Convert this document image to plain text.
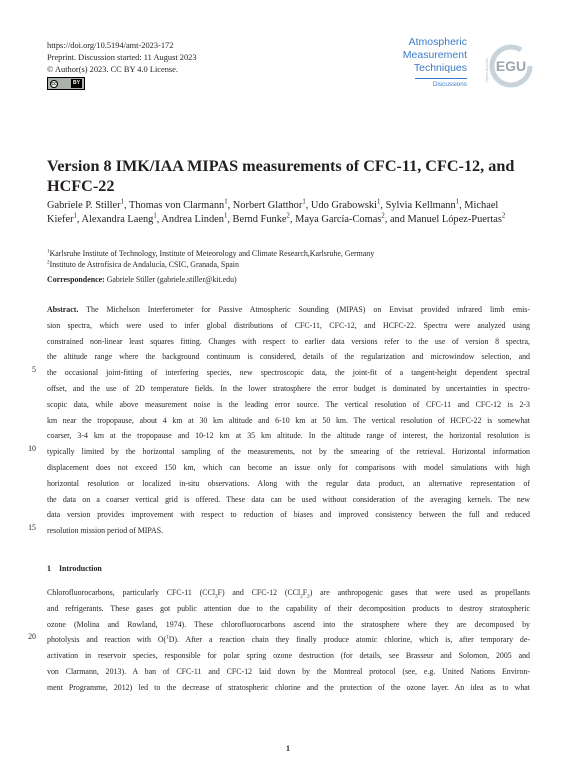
https://doi.org/10.5194/amt-2023-172
Preprint. Discussion started: 11 August 2023
© Author(s) 2023. CC BY 4.0 License.
cc	BY
Atmospheric
Measurement
Techniques
Discussions
EGU
Open Access
Version 8 IMK/IAA MIPAS measurements of CFC-11, CFC-12, and HCFC-22
Gabriele P. Stiller$^1$, Thomas von Clarmann$^1$, Norbert Glatthor$^1$, Udo Grabowski$^1$, Sylvia Kellmann$^1$, Michael Kiefer$^1$, Alexandra Laeng$^1$, Andrea Linden$^1$, Bernd Funke$^2$, Maya García-Comas$^2$, and Manuel López-Puertas$^2$
$^1$Karlsruhe Institute of Technology, Institute of Meteorology and Climate Research,Karlsruhe, Germany
$^2$Instituto de Astrofísica de Andalucía, CSIC, Granada, Spain
Correspondence: Gabriele Stiller (gabriele.stiller@kit.edu)
Abstract. The Michelson Interferometer for Passive Atmospheric Sounding (MIPAS) on Envisat provided infrared limb emis-
sion spectra, which were used to infer global distributions of CFC-11, CFC-12, and HCFC-22. Spectra were analyzed using
constrained non-linear least squares fitting. Changes with respect to earlier data versions refer to the use of version 8 spectra,
the altitude range where the background continuum is considered, details of the regularization and microwindow selection, and
the occasional joint-fitting of interfering species, new spectroscopic data, the joint-fit of a tangent-height dependent spectral
offset, and the use of 2D temperature fields. In the lower stratosphere the error budget is dominated by uncertainties in spectro-
scopic data, while above measurement noise is the leading error source. The vertical resolution of CFC-11 and CFC-12 is 2-3
km near the tropopause, about 4 km at 30 km altitude and 6-10 km at 50 km. The vertical resolution of HCFC-22 is somewhat
coarser, 3-4 km at the tropopause and 10-12 km at 35 km altitude. In the altitude range of interest, the horizontal resolution is
typically limited by the horizontal sampling of the measurements, not by the smearing of the retrieval. Horizontal information
displacement does not exceed 150 km, which can become an issue only for comparisons with model simulations with high
horizontal resolution or localized in-situ observations. Along with the regular data product, an alternative representation of
the data on a coarser vertical grid is offered. These data can be used without consideration of the averaging kernels. The new
data version provides improvement with respect to reduction of biases and improved consistency between the full and reduced
resolution mission period of MIPAS.
5
10
15
1 Introduction
Chlorofluorocarbons, particularly CFC-11 (CCl$_3$F) and CFC-12 $(CCl_2F_2)$ are anthropogenic gases that were used as propellants
and refrigerants. These gases got public attention due to the capability of their decomposition products to destroy stratospheric
ozone (Molina and Rowland, 1974). These chlorofluorocarbons ascend into the stratosphere where they are decomposed by
photolysis and reaction with O($^1$D). After a reaction chain they finally produce atomic chlorine, which is, after temporary de-
activation in reservoir species, responsible for polar spring ozone destruction (for details, see Brasseur and Solomon, 2005 and
von Clarmann, 2013). A ban of CFC-11 and CFC-12 laid down by the Montreal protocol (see, e.g. United Nations Environ-
ment Programme, 2012) led to the decrease of stratospheric chlorine and the protection of the ozone layer. An idea as to what
20
1
